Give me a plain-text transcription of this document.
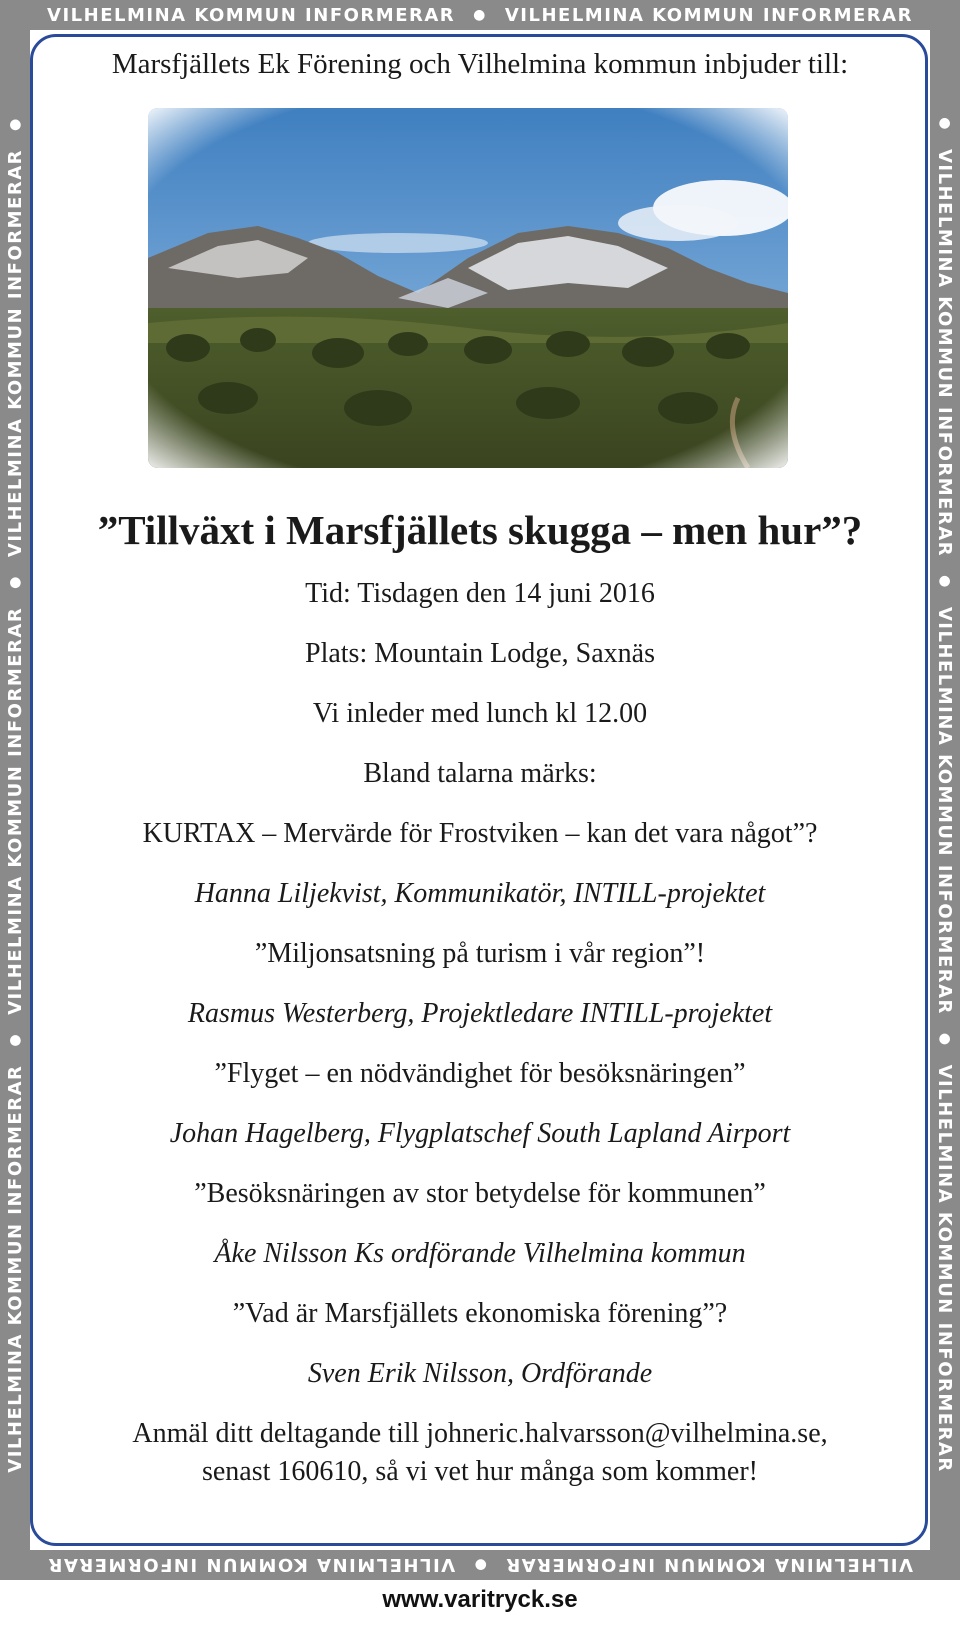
VILHELMINA KOMMUN INFORMERAR	●	VILHELMINA KOMMUN INFORMERAR
VILHELMINA KOMMUN INFORMERAR
●
VILHELMINA KOMMUN INFORMERAR
VILHELMINA KOMMUN INFORMERAR
●
VILHELMINA KOMMUN INFORMERAR
●
VILHELMINA KOMMUN INFORMERAR
●	●
VILHELMINA KOMMUN INFORMERAR
●
VILHELMINA KOMMUN INFORMERAR
●
VILHELMINA KOMMUN INFORMERAR
Marsfjällets Ek Förening och Vilhelmina kommun inbjuder till:
”Tillväxt i Marsfjällets skugga – men hur”?
Tid: Tisdagen den 14 juni 2016
Plats: Mountain Lodge, Saxnäs
Vi inleder med lunch kl 12.00
Bland talarna märks:
KURTAX – Mervärde för Frostviken – kan det vara något”?
Hanna Liljekvist, Kommunikatör, INTILL-projektet
”Miljonsatsning på turism i vår region”!
Rasmus Westerberg, Projektledare INTILL-projektet
”Flyget – en nödvändighet för besöksnäringen”
Johan Hagelberg, Flygplatschef South Lapland Airport
”Besöksnäringen av stor betydelse för kommunen”
Åke Nilsson Ks ordförande Vilhelmina kommun
”Vad är Marsfjällets ekonomiska förening”?
Sven Erik Nilsson, Ordförande
Anmäl ditt deltagande till johneric.halvarsson@vilhelmina.se,
senast 160610, så vi vet hur många som kommer!
www.varitryck.se
